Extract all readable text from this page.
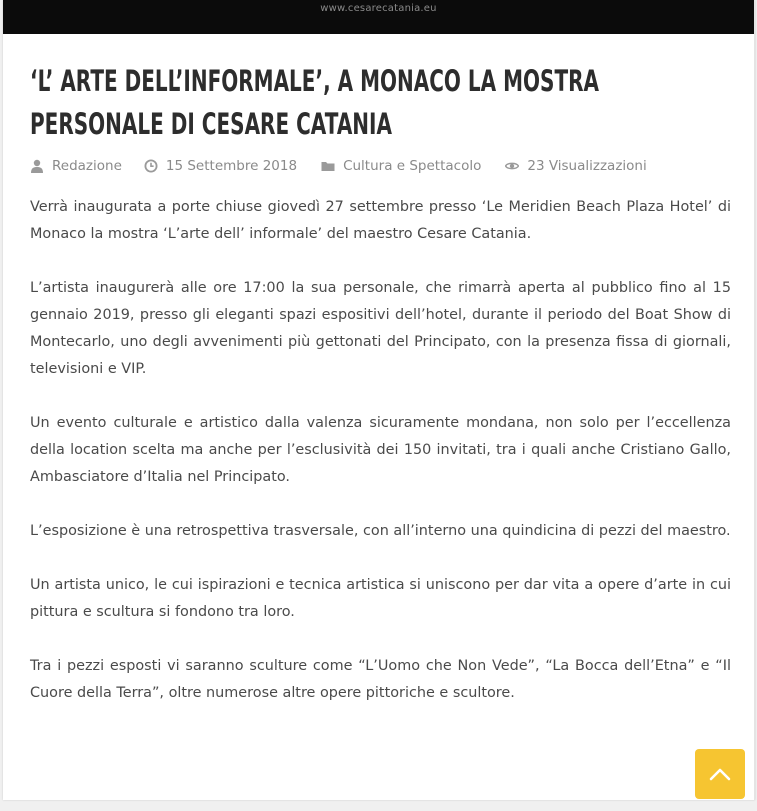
www.cesarecatania.eu
‘L’ ARTE DELL’INFORMALE’, A MONACO LA MOSTRA PERSONALE DI CESARE CATANIA
Redazione	15 Settembre 2018	Cultura e Spettacolo	23 Visualizzazioni

Verrà inaugurata a porte chiuse giovedì 27 settembre presso ‘Le Meridien Beach Plaza Hotel’ di Monaco la mostra ‘L’arte dell’ informale’ del maestro Cesare Catania.

L’artista inaugurerà alle ore 17:00 la sua personale, che rimarrà aperta al pubblico fino al 15 gennaio 2019, presso gli eleganti spazi espositivi dell’hotel, durante il periodo del Boat Show di Montecarlo, uno degli avvenimenti più gettonati del Principato, con la presenza fissa di giornali, televisioni e VIP.

Un evento culturale e artistico dalla valenza sicuramente mondana, non solo per l’eccellenza della location scelta ma anche per l’esclusività dei 150 invitati, tra i quali anche Cristiano Gallo, Ambasciatore d’Italia nel Principato.

L’esposizione è una retrospettiva trasversale, con all’interno una quindicina di pezzi del maestro.

Un artista unico, le cui ispirazioni e tecnica artistica si uniscono per dar vita a opere d’arte in cui pittura e scultura si fondono tra loro.

Tra i pezzi esposti vi saranno sculture come “L’Uomo che Non Vede”, “La Bocca dell’Etna” e “Il Cuore della Terra”, oltre numerose altre opere pittoriche e scultore.
